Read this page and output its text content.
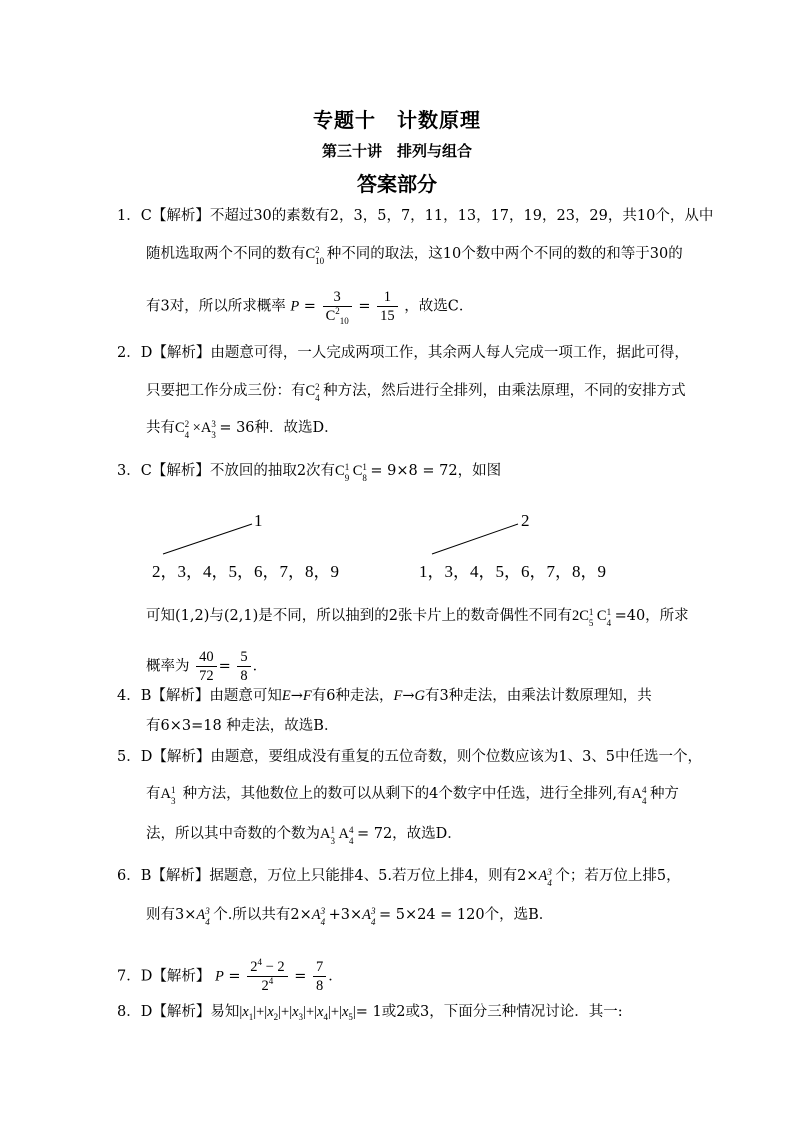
专题十　计数原理
第三十讲　排列与组合
答案部分
1．C【解析】不超过30的素数有2，3，5，7，11，13，17，19，23，29，共10个，从中
随机选取两个不同的数有C 2
10 种不同的取法，这10个数中两个不同的数的和等于30的
有3对，所以所求概率 $P = \frac{3}{C^2_{10}} = \frac{1}{15}$ ，故选C．
2．D【解析】由题意可得，一人完成两项工作，其余两人每人完成一项工作，据此可得，
只要把工作分成三份：有C 2
4 种方法，然后进行全排列，由乘法原理，不同的安排方式
共有C 2
4 ×A 3
3 = 36种．故选D．
3．C【解析】不放回的抽取2次有C 1
9 C 1
8 = 9×8 = 72，如图
1
2，3，4，5，6，7，8，9
2
1，3，4，5，6，7，8，9
可知(1,2)与(2,1)是不同，所以抽到的2张卡片上的数奇偶性不同有2C 1
5 C 1
4 =40，所求
概率为 $\frac{40}{72} = \frac{5}{8}$ ．
4．B【解析】由题意可知E→F有6种走法，F→G有3种走法，由乘法计数原理知，共
有6×3=18 种走法，故选B．
5．D【解析】由题意，要组成没有重复的五位奇数，则个位数应该为1、3、5中任选一个，
有A 1
3 种方法，其他数位上的数可以从剩下的4个数字中任选，进行全排列,有A 4
4 种方
法，所以其中奇数的个数为A 1
3 A 4
4 = 72，故选D．
6．B【解析】据题意，万位上只能排4、5.若万位上排4，则有2×A 3
4 个；若万位上排5，
则有3×A 3
4 个.所以共有2×A 3
4 +3×A 3
4 = 5×24 = 120个，选B．
7．D【解析】 $P = \frac{2^4 - 2}{2^4} = \frac{7}{8}$ ．
8．D【解析】易知$|x_1|+|x_2|+|x_3|+|x_4|+|x_5|= 1$或2或3，下面分三种情况讨论．其一:
